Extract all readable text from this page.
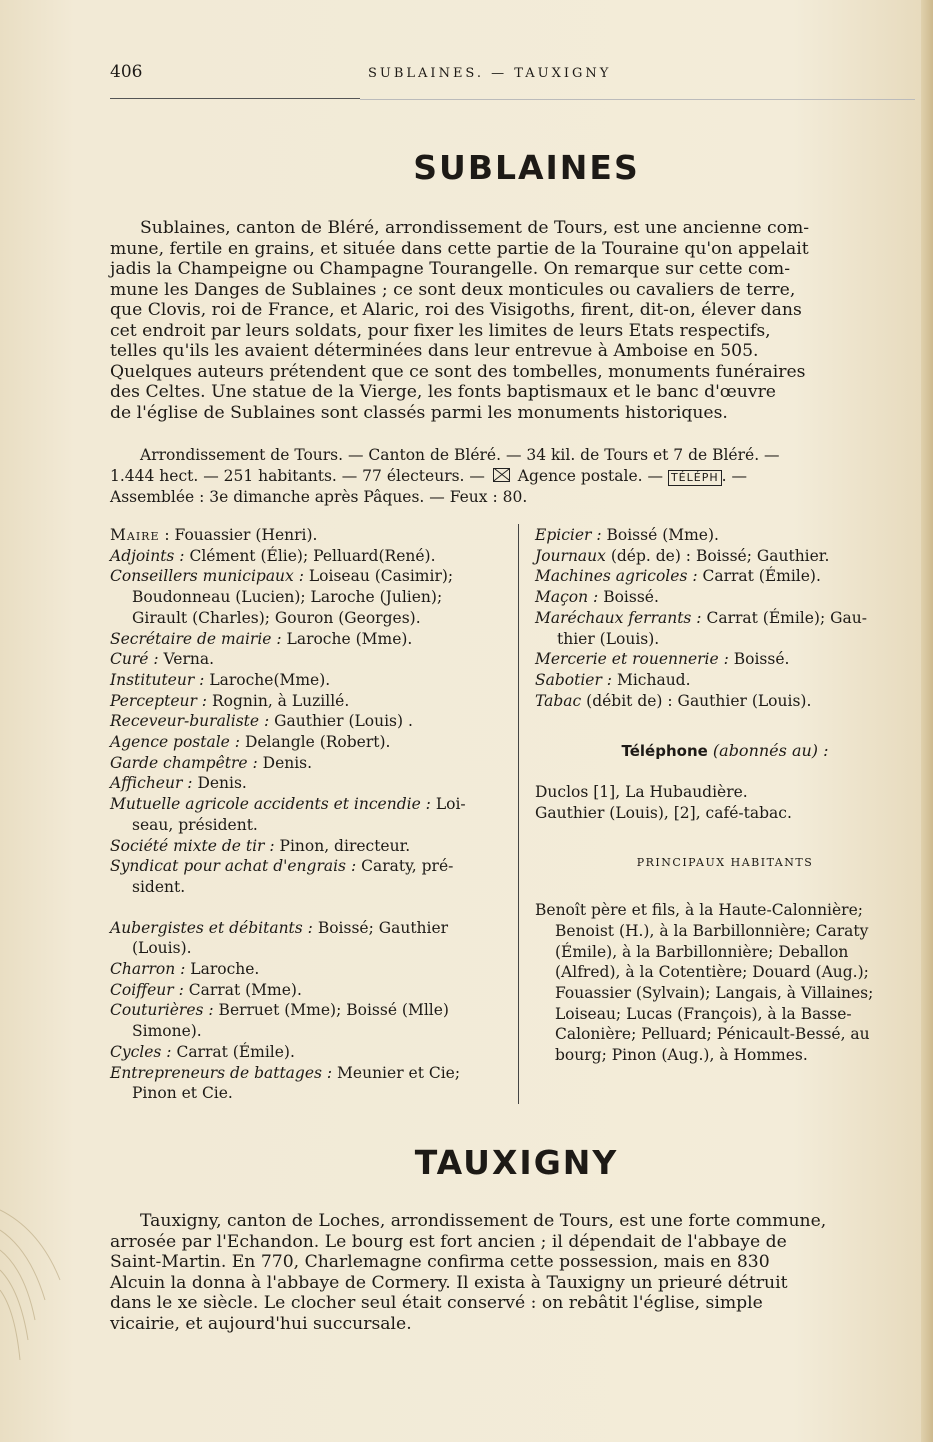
406	SUBLAINES. — TAUXIGNY
SUBLAINES
Sublaines, canton de Bléré, arrondissement de Tours, est une ancienne com-
mune, fertile en grains, et située dans cette partie de la Touraine qu'on appelait
jadis la Champeigne ou Champagne Tourangelle. On remarque sur cette com-
mune les Danges de Sublaines ; ce sont deux monticules ou cavaliers de terre,
que Clovis, roi de France, et Alaric, roi des Visigoths, firent, dit-on, élever dans
cet endroit par leurs soldats, pour fixer les limites de leurs Etats respectifs,
telles qu'ils les avaient déterminées dans leur entrevue à Amboise en 505.
Quelques auteurs prétendent que ce sont des tombelles, monuments funéraires
des Celtes. Une statue de la Vierge, les fonts baptismaux et le banc d'œuvre
de l'église de Sublaines sont classés parmi les monuments historiques.
Arrondissement de Tours. — Canton de Bléré. — 34 kil. de Tours et 7 de Bléré. —
1.444 hect. — 251 habitants. — 77 électeurs. — Agence postale. — TÉLÉPH . —
Assemblée : 3e dimanche après Pâques. — Feux : 80.
Maire : Fouassier (Henri).
Adjoints : Clément (Élie); Pelluard(René).
Conseillers municipaux : Loiseau (Casimir);
Boudonneau (Lucien); Laroche (Julien);
Girault (Charles); Gouron (Georges).
Secrétaire de mairie : Laroche (Mme).
Curé : Verna.
Instituteur : Laroche(Mme).
Percepteur : Rognin, à Luzillé.
Receveur-buraliste : Gauthier (Louis) .
Agence postale : Delangle (Robert).
Garde champêtre : Denis.
Afficheur : Denis.
Mutuelle agricole accidents et incendie : Loi-
seau, président.
Société mixte de tir : Pinon, directeur.
Syndicat pour achat d'engrais : Caraty, pré-
sident.
Aubergistes et débitants : Boissé; Gauthier
(Louis).
Charron : Laroche.
Coiffeur : Carrat (Mme).
Couturières : Berruet (Mme); Boissé (Mlle)
Simone).
Cycles : Carrat (Émile).
Entrepreneurs de battages : Meunier et Cie;
Pinon et Cie.
Epicier : Boissé (Mme).
Journaux (dép. de) : Boissé; Gauthier.
Machines agricoles : Carrat (Émile).
Maçon : Boissé.
Maréchaux ferrants : Carrat (Émile); Gau-
thier (Louis).
Mercerie et rouennerie : Boissé.
Sabotier : Michaud.
Tabac (débit de) : Gauthier (Louis).
Téléphone (abonnés au) :
Duclos [1], La Hubaudière.
Gauthier (Louis), [2], café-tabac.
PRINCIPAUX HABITANTS
Benoît père et fils, à la Haute-Calonnière;
Benoist (H.), à la Barbillonnière; Caraty
(Émile), à la Barbillonnière; Deballon
(Alfred), à la Cotentière; Douard (Aug.);
Fouassier (Sylvain); Langais, à Villaines;
Loiseau; Lucas (François), à la Basse-
Calonière; Pelluard; Pénicault-Bessé, au
bourg; Pinon (Aug.), à Hommes.
TAUXIGNY
Tauxigny, canton de Loches, arrondissement de Tours, est une forte commune,
arrosée par l'Echandon. Le bourg est fort ancien ; il dépendait de l'abbaye de
Saint-Martin. En 770, Charlemagne confirma cette possession, mais en 830
Alcuin la donna à l'abbaye de Cormery. Il exista à Tauxigny un prieuré détruit
dans le xe siècle. Le clocher seul était conservé : on rebâtit l'église, simple
vicairie, et aujourd'hui succursale.
